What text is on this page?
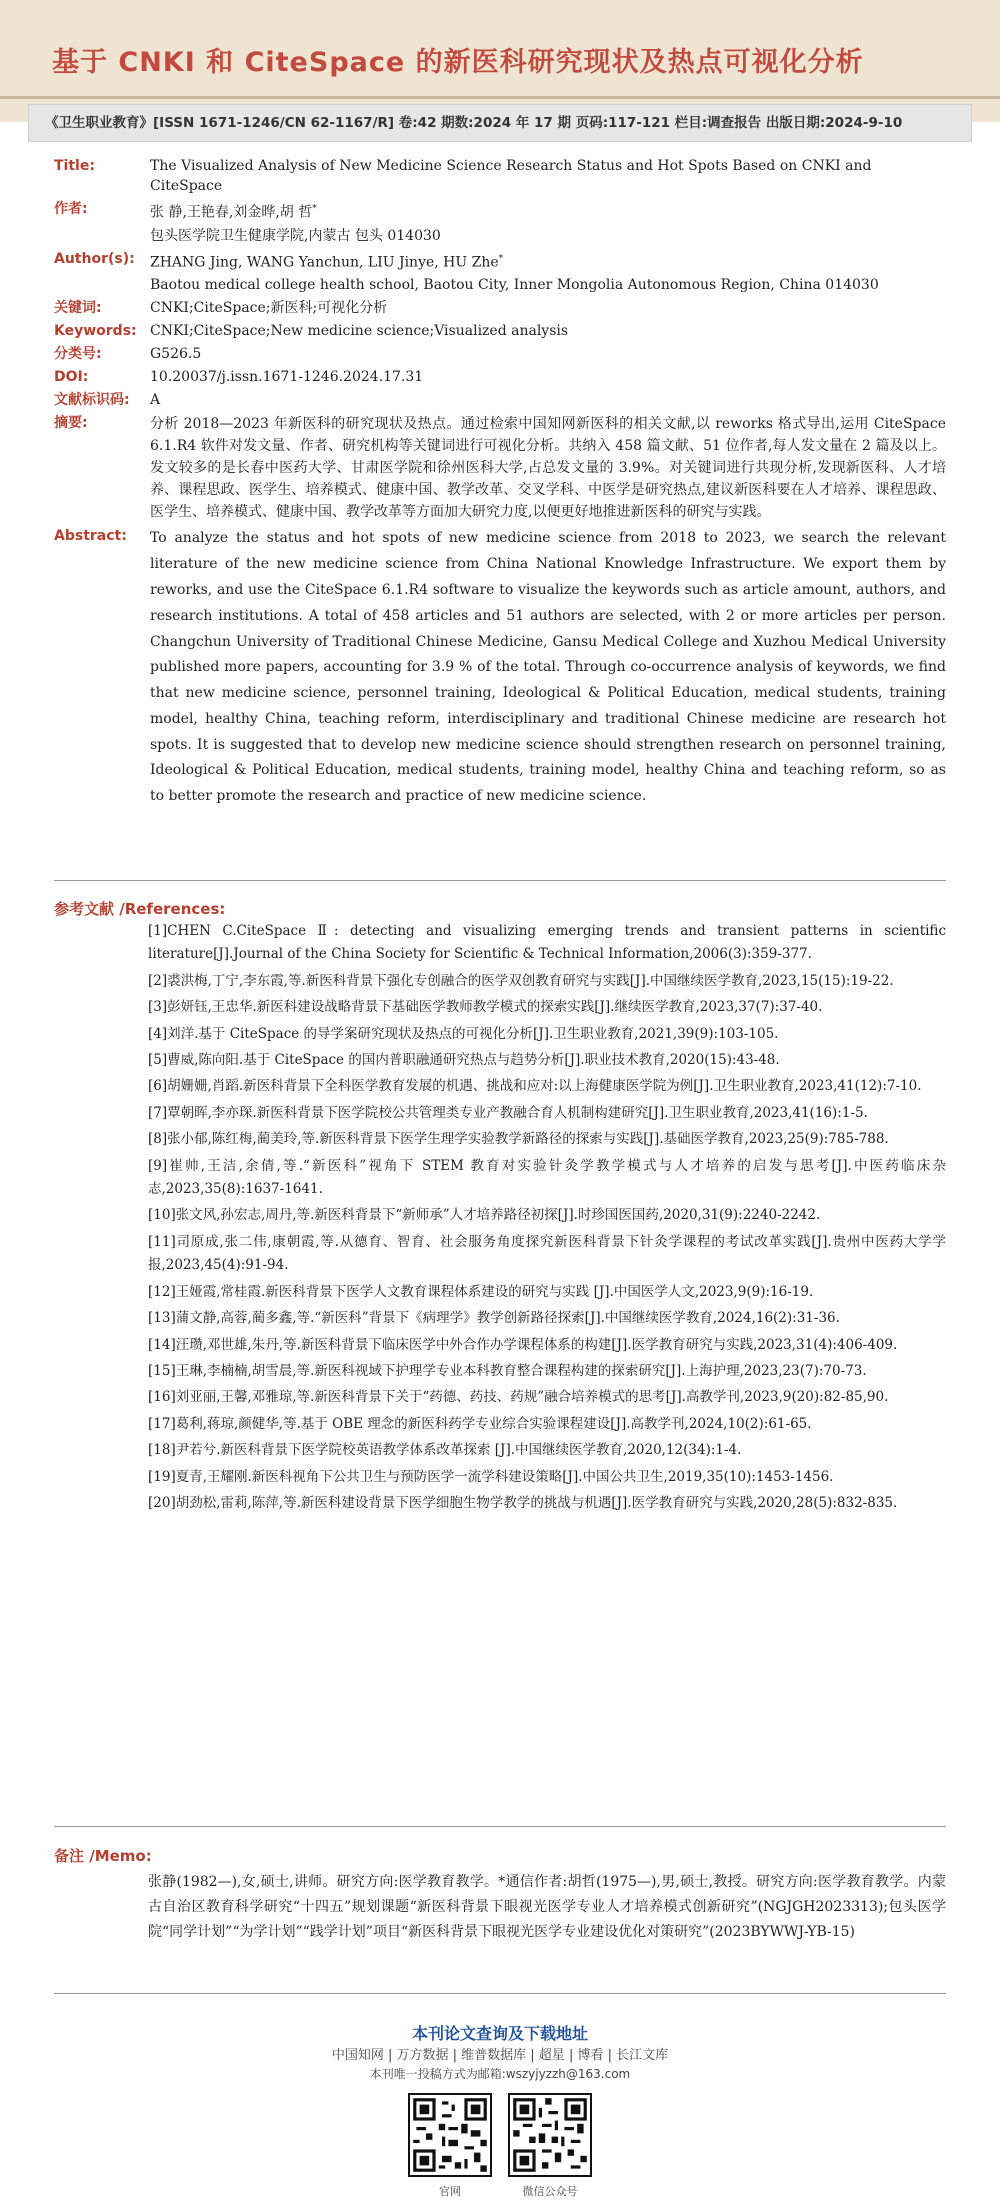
基于 CNKI 和 CiteSpace 的新医科研究现状及热点可视化分析
《卫生职业教育》[ISSN 1671-1246/CN 62-1167/R] 卷:42 期数:2024 年 17 期 页码:117-121 栏目:调查报告 出版日期:2024-9-10
Title:	The Visualized Analysis of New Medicine Science Research Status and Hot Spots Based on CNKI and CiteSpace
作者:	张 静,王艳春,刘金晔,胡 哲*
包头医学院卫生健康学院,内蒙古 包头 014030
Author(s):	ZHANG Jing, WANG Yanchun, LIU Jinye, HU Zhe*
Baotou medical college health school, Baotou City, Inner Mongolia Autonomous Region, China 014030
关键词:	CNKI;CiteSpace;新医科;可视化分析
Keywords: CNKI;CiteSpace;New medicine science;Visualized analysis
分类号:	G526.5
DOI:	10.20037/j.issn.1671-1246.2024.17.31
文献标识码:	A
摘要:	分析 2018—2023 年新医科的研究现状及热点。通过检索中国知网新医科的相关文献,以 reworks 格式导出,运用 CiteSpace 6.1.R4 软件对发文量、作者、研究机构等关键词进行可视化分析。共纳入 458 篇文献、51 位作者,每人发文量在 2 篇及以上。发文较多的是长春中医药大学、甘肃医学院和徐州医科大学,占总发文量的 3.9%。对关键词进行共现分析,发现新医科、人才培养、课程思政、医学生、培养模式、健康中国、教学改革、交叉学科、中医学是研究热点,建议新医科要在人才培养、课程思政、医学生、培养模式、健康中国、教学改革等方面加大研究力度,以便更好地推进新医科的研究与实践。
Abstract:	To analyze the status and hot spots of new medicine science from 2018 to 2023, we search the relevant literature of the new medicine science from China National Knowledge Infrastructure. We export them by reworks, and use the CiteSpace 6.1.R4 software to visualize the keywords such as article amount, authors, and research institutions. A total of 458 articles and 51 authors are selected, with 2 or more articles per person. Changchun University of Traditional Chinese Medicine, Gansu Medical College and Xuzhou Medical University published more papers, accounting for 3.9 % of the total. Through co-occurrence analysis of keywords, we find that new medicine science, personnel training, Ideological & Political Education, medical students, training model, healthy China, teaching reform, interdisciplinary and traditional Chinese medicine are research hot spots. It is suggested that to develop new medicine science should strengthen research on personnel training, Ideological & Political Education, medical students, training model, healthy China and teaching reform, so as to better promote the research and practice of new medicine science.
参考文献 /References:
[1]CHEN C.CiteSpace Ⅱ: detecting and visualizing emerging trends and transient patterns in scientific literature[J].Journal of the China Society for Scientific & Technical Information,2006(3):359-377.
[2]裘洪梅,丁宁,李东霞,等.新医科背景下强化专创融合的医学双创教育研究与实践[J].中国继续医学教育,2023,15(15):19-22.
[3]彭妍钰,王忠华.新医科建设战略背景下基础医学教师教学模式的探索实践[J].继续医学教育,2023,37(7):37-40.
[4]刘洋.基于 CiteSpace 的导学案研究现状及热点的可视化分析[J].卫生职业教育,2021,39(9):103-105.
[5]曹威,陈向阳.基于 CiteSpace 的国内普职融通研究热点与趋势分析[J].职业技术教育,2020(15):43-48.
[6]胡姗姗,肖蹈.新医科背景下全科医学教育发展的机遇、挑战和应对:以上海健康医学院为例[J].卫生职业教育,2023,41(12):7-10.
[7]覃朝晖,李亦琛.新医科背景下医学院校公共管理类专业产教融合育人机制构建研究[J].卫生职业教育,2023,41(16):1-5.
[8]张小郁,陈红梅,蔺美玲,等.新医科背景下医学生理学实验教学新路径的探索与实践[J].基础医学教育,2023,25(9):785-788.
[9]崔帅,王洁,余倩,等.“新医科”视角下 STEM 教育对实验针灸学教学模式与人才培养的启发与思考[J].中医药临床杂志,2023,35(8):1637-1641.
[10]张文风,孙宏志,周丹,等.新医科背景下“新师承”人才培养路径初探[J].时珍国医国药,2020,31(9):2240-2242.
[11]司原成,张二伟,康朝霞,等.从德育、智育、社会服务角度探究新医科背景下针灸学课程的考试改革实践[J].贵州中医药大学学报,2023,45(4):91-94.
[12]王娅霞,常桂霞.新医科背景下医学人文教育课程体系建设的研究与实践 [J].中国医学人文,2023,9(9):16-19.
[13]蒲文静,高蓉,蔺多鑫,等.“新医科”背景下《病理学》教学创新路径探索[J].中国继续医学教育,2024,16(2):31-36.
[14]汪瓒,邓世雄,朱丹,等.新医科背景下临床医学中外合作办学课程体系的构建[J].医学教育研究与实践,2023,31(4):406-409.
[15]王琳,李楠楠,胡雪晨,等.新医科视域下护理学专业本科教育整合课程构建的探索研究[J].上海护理,2023,23(7):70-73.
[16]刘亚丽,王馨,邓雅琼,等.新医科背景下关于“药德、药技、药规”融合培养模式的思考[J].高教学刊,2023,9(20):82-85,90.
[17]葛利,蒋琼,颜健华,等.基于 OBE 理念的新医科药学专业综合实验课程建设[J].高教学刊,2024,10(2):61-65.
[18]尹若兮.新医科背景下医学院校英语教学体系改革探索 [J].中国继续医学教育,2020,12(34):1-4.
[19]夏青,王耀刚.新医科视角下公共卫生与预防医学一流学科建设策略[J].中国公共卫生,2019,35(10):1453-1456.
[20]胡劲松,雷莉,陈萍,等.新医科建设背景下医学细胞生物学教学的挑战与机遇[J].医学教育研究与实践,2020,28(5):832-835.
备注 /Memo:
张静(1982—),女,硕士,讲师。研究方向:医学教育教学。*通信作者:胡哲(1975—),男,硕士,教授。研究方向:医学教育教学。内蒙古自治区教育科学研究“十四五”规划课题“新医科背景下眼视光医学专业人才培养模式创新研究”(NGJGH2023313);包头医学院“同学计划”“为学计划”“践学计划”项目“新医科背景下眼视光医学专业建设优化对策研究”(2023BYWWJ-YB-15)
本刊论文查询及下载地址
中国知网 | 万方数据 | 维普数据库 | 超星 | 博看 | 长江文库
本刊唯一投稿方式为邮箱:wszyjyzzh@163.com
官网	微信公众号
